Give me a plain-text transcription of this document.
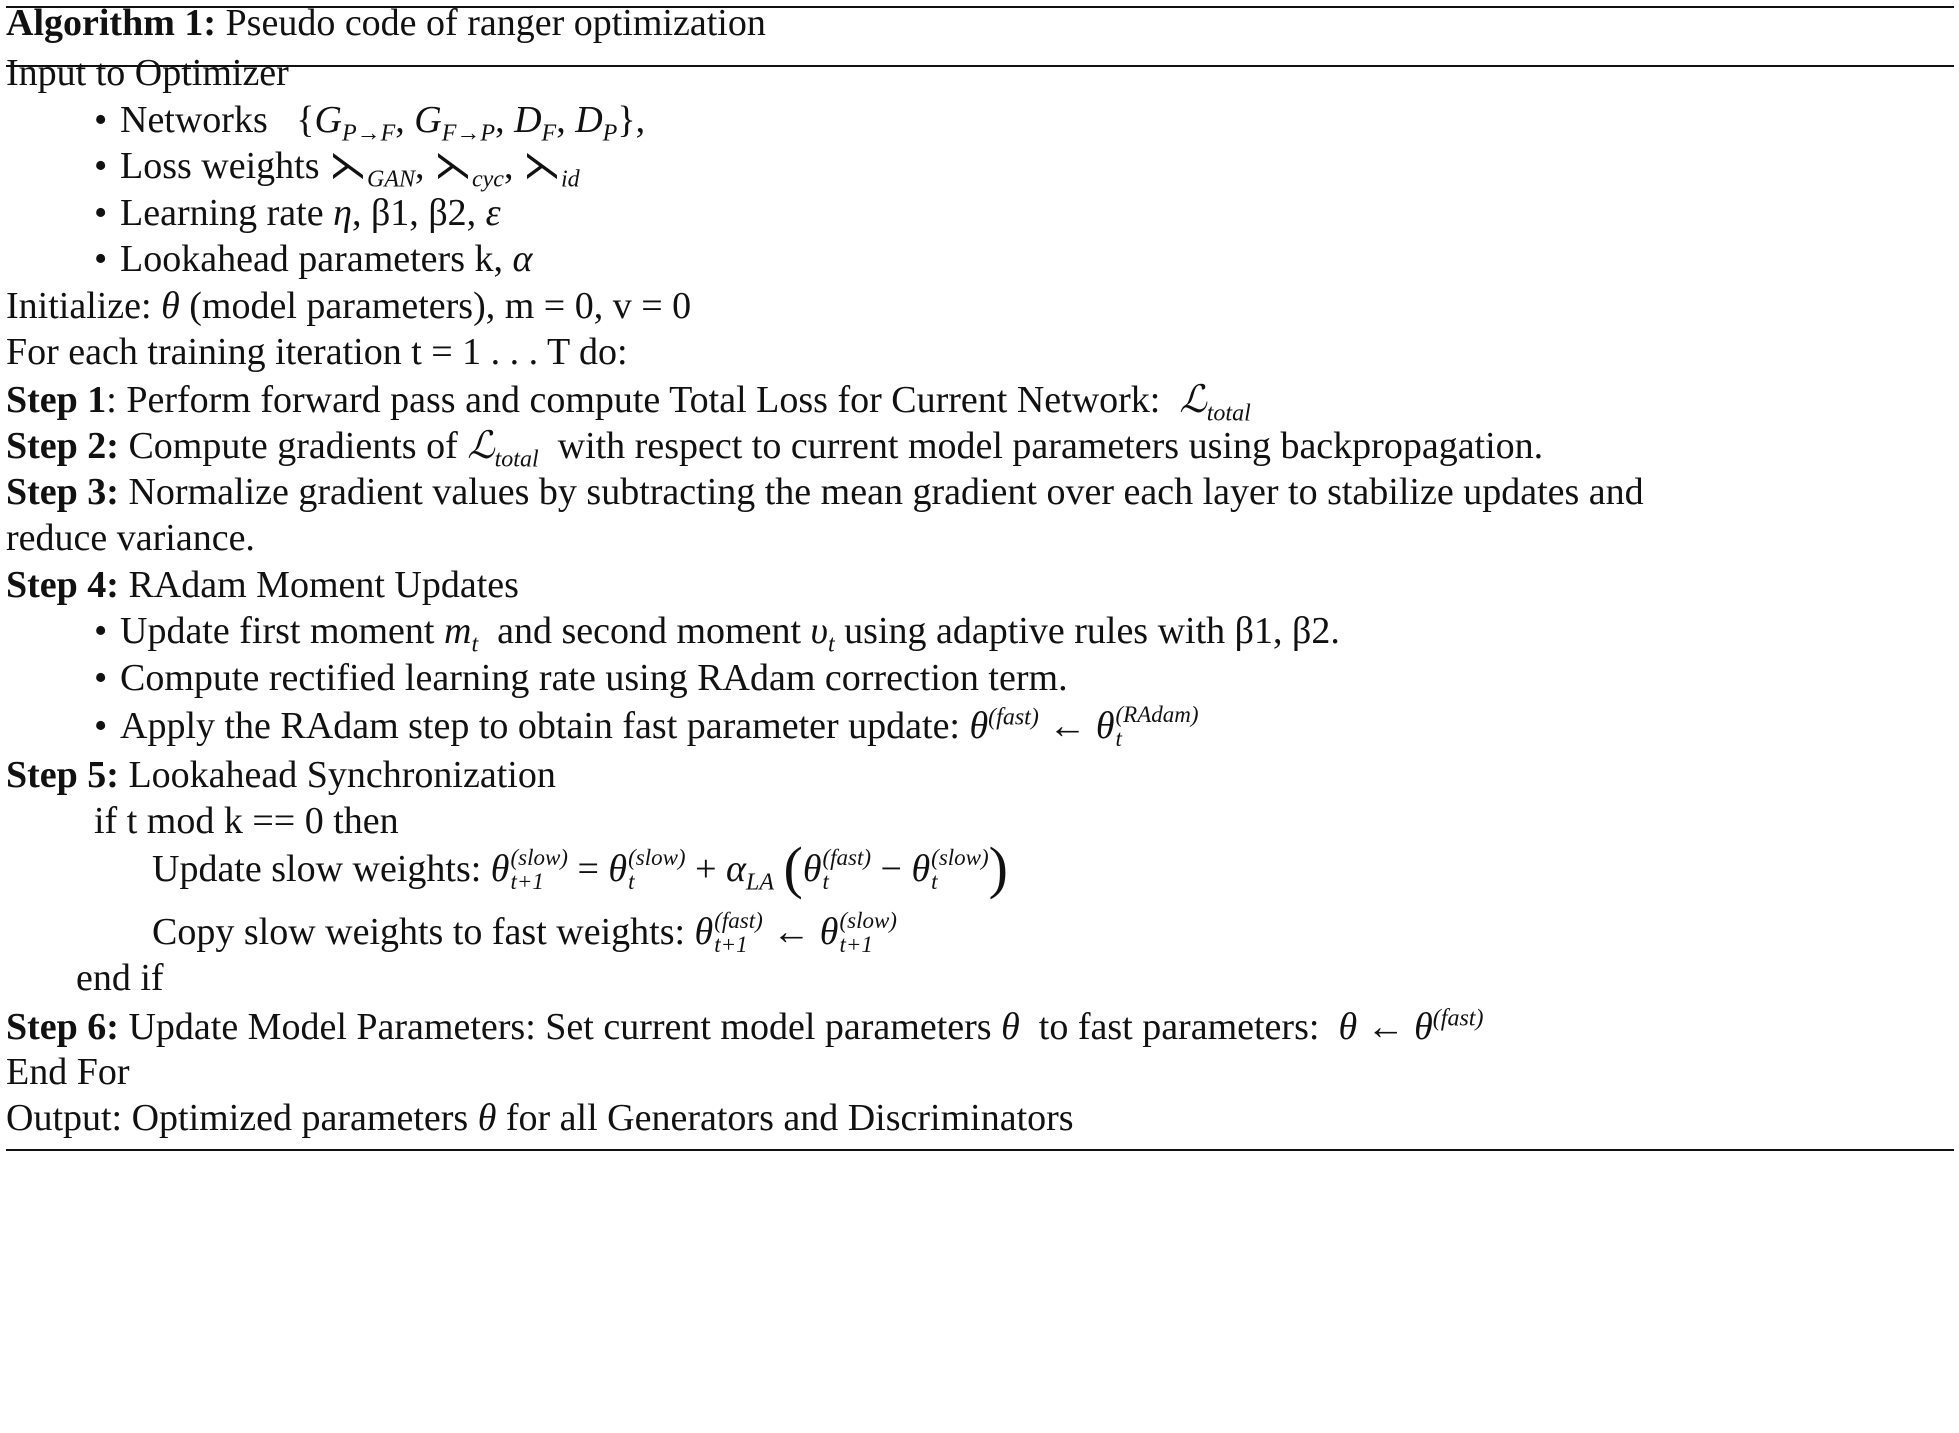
Algorithm 1: Pseudo code of ranger optimization
Input to Optimizer
• Networks   {$G_{P\to F}$, $G_{F\to P}$, $D_F$, $D_P$},
• Loss weights $⋋_{GAN}$, $⋋_{cyc}$, $⋋_{id}$
• Learning rate η, β1, β2, ε
• Lookahead parameters k, α
Initialize: θ (model parameters), m = 0, v = 0
For each training iteration t = 1 . . . T do:
Step 1: Perform forward pass and compute Total Loss for Current Network: ℒ$_{total}$
Step 2: Compute gradients of ℒ$_{total}$ with respect to current model parameters using backpropagation.
Step 3: Normalize gradient values by subtracting the mean gradient over each layer to stabilize updates and
reduce variance.
Step 4: RAdam Moment Updates
• Update first moment $m_t$ and second moment $\upsilon_t$ using adaptive rules with β1, β2.
• Compute rectified learning rate using RAdam correction term.
• Apply the RAdam step to obtain fast parameter update: $\theta^{(fast)}$ ← θ (RAdam)
t
Step 5: Lookahead Synchronization
if t mod k == 0 then
Update slow weights: θ (slow)
t+1 = θ (slow)
t	+ $\alpha_{LA}$ (θ (fast)
t	− θ (slow)
t )
Copy slow weights to fast weights: θ (fast)
t+1 ← θ (slow)
t+1
end if
Step 6: Update Model Parameters: Set current model parameters θ to fast parameters: θ ← $\theta^{(fast)}$
End For
Output: Optimized parameters θ for all Generators and Discriminators
